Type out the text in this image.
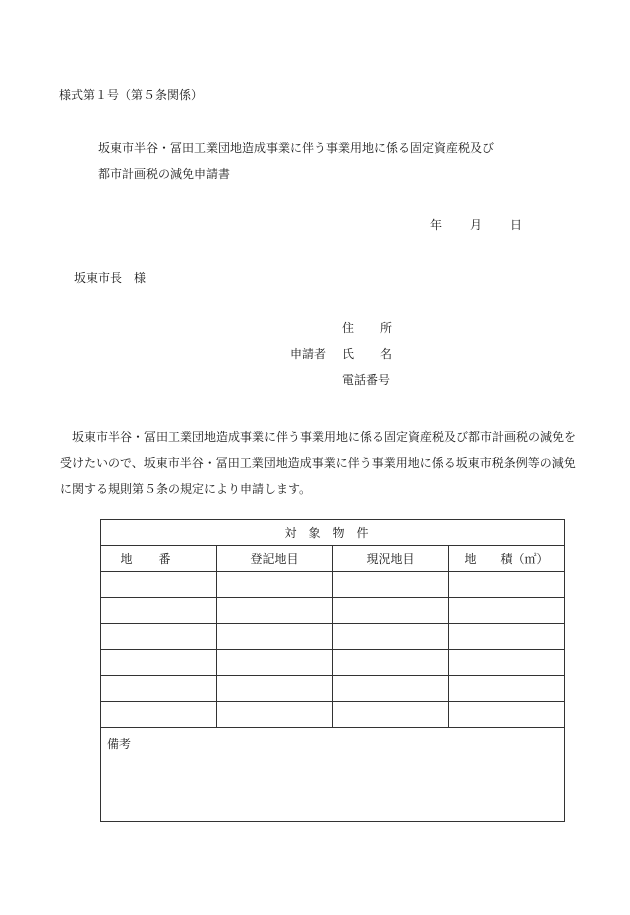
様式第１号（第５条関係）
坂東市半谷・冨田工業団地造成事業に伴う事業用地に係る固定資産税及び
都市計画税の減免申請書
年 月 日
坂東市長　様
申請者
住所
氏名
電話番号
坂東市半谷・冨田工業団地造成事業に伴う事業用地に係る固定資産税及び都市計画税の減免を受けたいので、坂東市半谷・冨田工業団地造成事業に伴う事業用地に係る坂東市税条例等の減免に関する規則第５条の規定により申請します。
対象物件			
地番	登記地目	現況地目	地　　積（㎡）

備考			
